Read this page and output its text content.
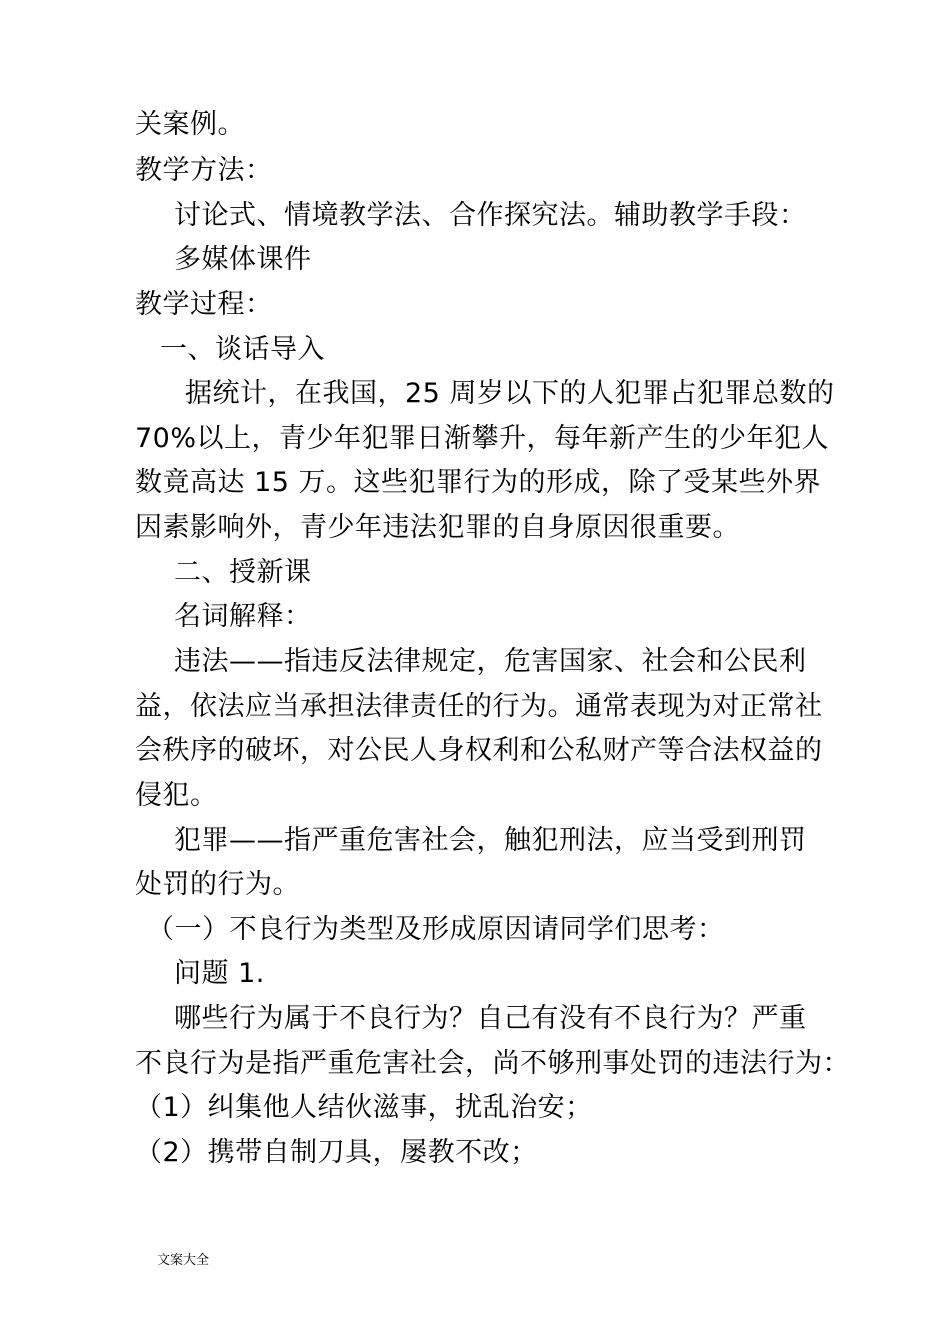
关案例。
教学方法：
讨论式、情境教学法、合作探究法。辅助教学手段：
多媒体课件
教学过程：
一、谈话导入
据统计，在我国，25 周岁以下的人犯罪占犯罪总数的
70%以上，青少年犯罪日渐攀升，每年新产生的少年犯人
数竟高达 15 万。这些犯罪行为的形成，除了受某些外界
因素影响外，青少年违法犯罪的自身原因很重要。
二、授新课
名词解释：
违法——指违反法律规定，危害国家、社会和公民利
益，依法应当承担法律责任的行为。通常表现为对正常社
会秩序的破坏，对公民人身权利和公私财产等合法权益的
侵犯。
犯罪——指严重危害社会，触犯刑法，应当受到刑罚
处罚的行为。
（一）不良行为类型及形成原因请同学们思考：
问题 1.
哪些行为属于不良行为？自己有没有不良行为？严重
不良行为是指严重危害社会，尚不够刑事处罚的违法行为：
（1）纠集他人结伙滋事，扰乱治安；
（2）携带自制刀具，屡教不改；
文案大全
